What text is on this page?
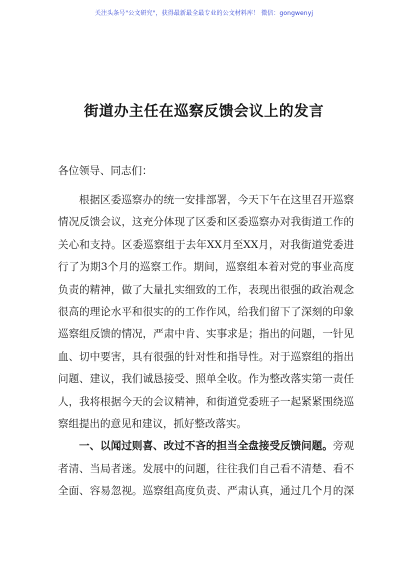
关注头条号"公文研究"，获得最新最全最专业的公文材料库！ 微信：gongwenyj
街道办主任在巡察反馈会议上的发言
各位领导、同志们：
根据区委巡察办的统一安排部署，今天下午在这里召开巡察
情况反馈会议，这充分体现了区委和区委巡察办对我街道工作的
关心和支持。区委巡察组于去年XX月至XX月，对我街道党委进
行了为期3个月的巡察工作。期间，巡察组本着对党的事业高度
负责的精神，做了大量扎实细致的工作，表现出很强的政治观念
很高的理论水平和很实的的工作作风，给我们留下了深刻的印象
巡察组反馈的情况，严肃中肯、实事求是；指出的问题，一针见
血、切中要害，具有很强的针对性和指导性。对于巡察组的指出
问题、建议，我们诚恳接受、照单全收。作为整改落实第一责任
人，我将根据今天的会议精神，和街道党委班子一起紧紧围绕巡
察组提出的意见和建议，抓好整改落实。
一、以闻过则喜、改过不吝的担当全盘接受反馈问题。旁观
者清、当局者迷。发展中的问题，往往我们自己看不清楚、看不
全面、容易忽视。巡察组高度负责、严肃认真，通过几个月的深
